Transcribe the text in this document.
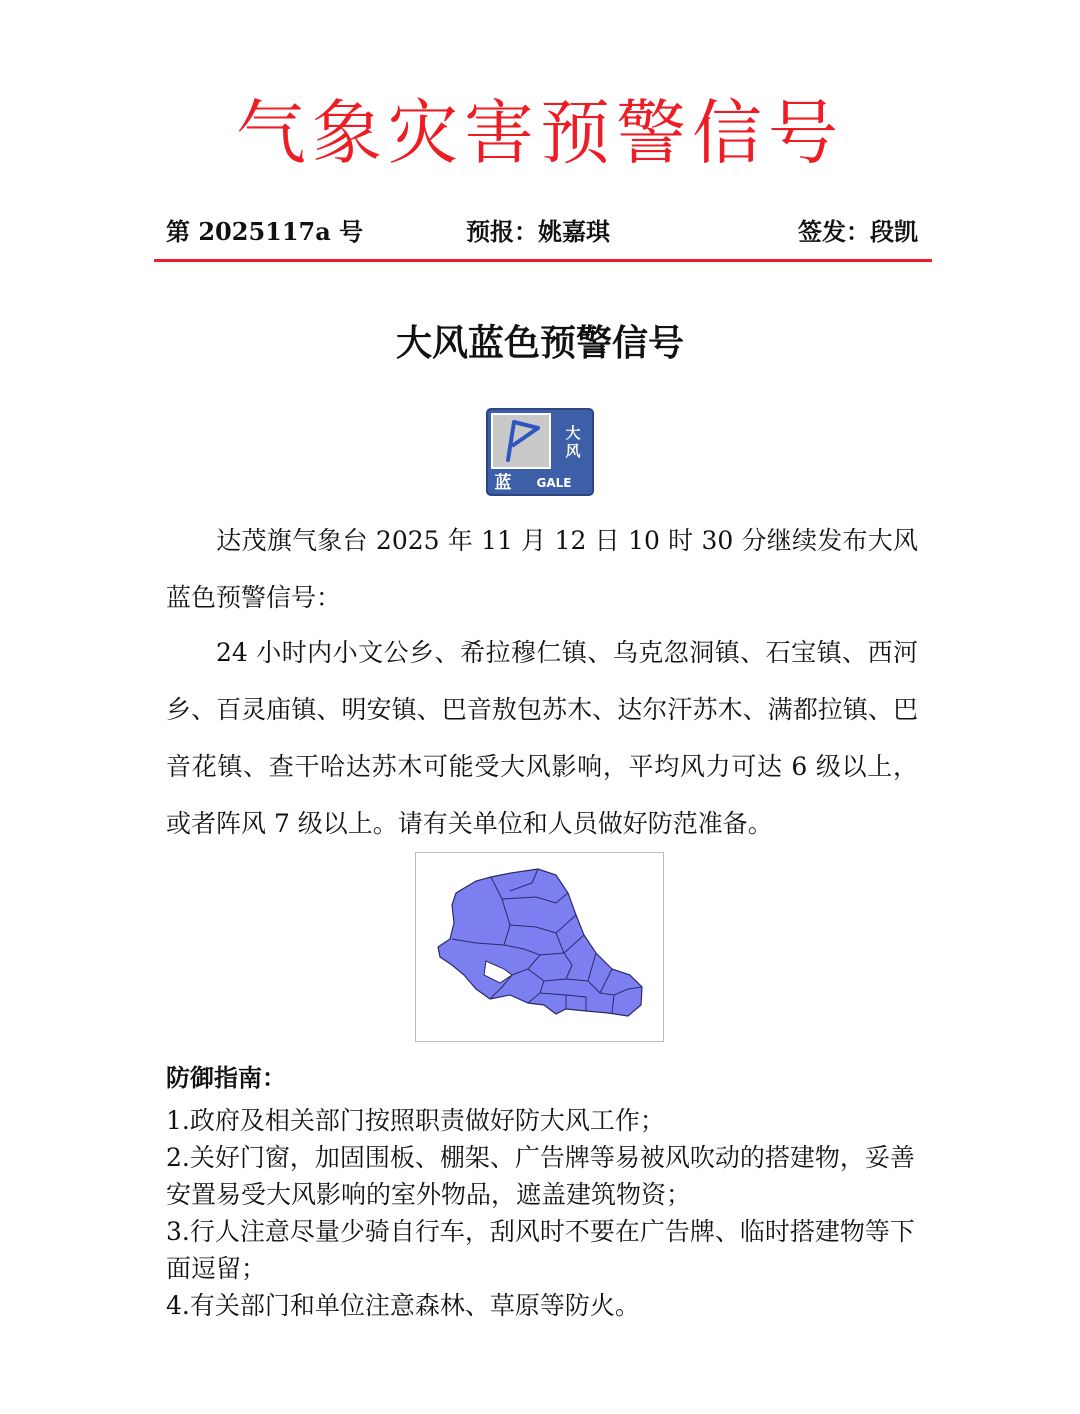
气象灾害预警信号
第 2025117a 号	预报：姚嘉琪	签发：段凯
大风蓝色预警信号
大
风
蓝 GALE
达茂旗气象台 2025 年 11 月 12 日 10 时 30 分继续发布大风蓝色预警信号：
24 小时内小文公乡、希拉穆仁镇、乌克忽洞镇、石宝镇、西河乡、百灵庙镇、明安镇、巴音敖包苏木、达尔汗苏木、满都拉镇、巴音花镇、查干哈达苏木可能受大风影响，平均风力可达 6 级以上，或者阵风 7 级以上。请有关单位和人员做好防范准备。
防御指南：
1.政府及相关部门按照职责做好防大风工作；
2.关好门窗，加固围板、棚架、广告牌等易被风吹动的搭建物，妥善安置易受大风影响的室外物品，遮盖建筑物资；
3.行人注意尽量少骑自行车，刮风时不要在广告牌、临时搭建物等下面逗留；
4.有关部门和单位注意森林、草原等防火。
